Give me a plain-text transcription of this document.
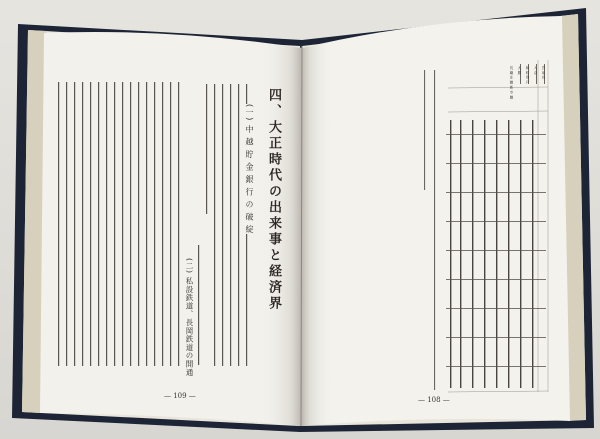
四、大正時代の出来事と経済界
(一) 中 越 貯 金 銀 行 の 破 綻
(二) 私設鉄道、長岡鉄道の開通
— 109 —	— 108 —
宮 前 官
入 京
和 町 別 戸
大 勝
長 職 庄 職 新 寺 職
